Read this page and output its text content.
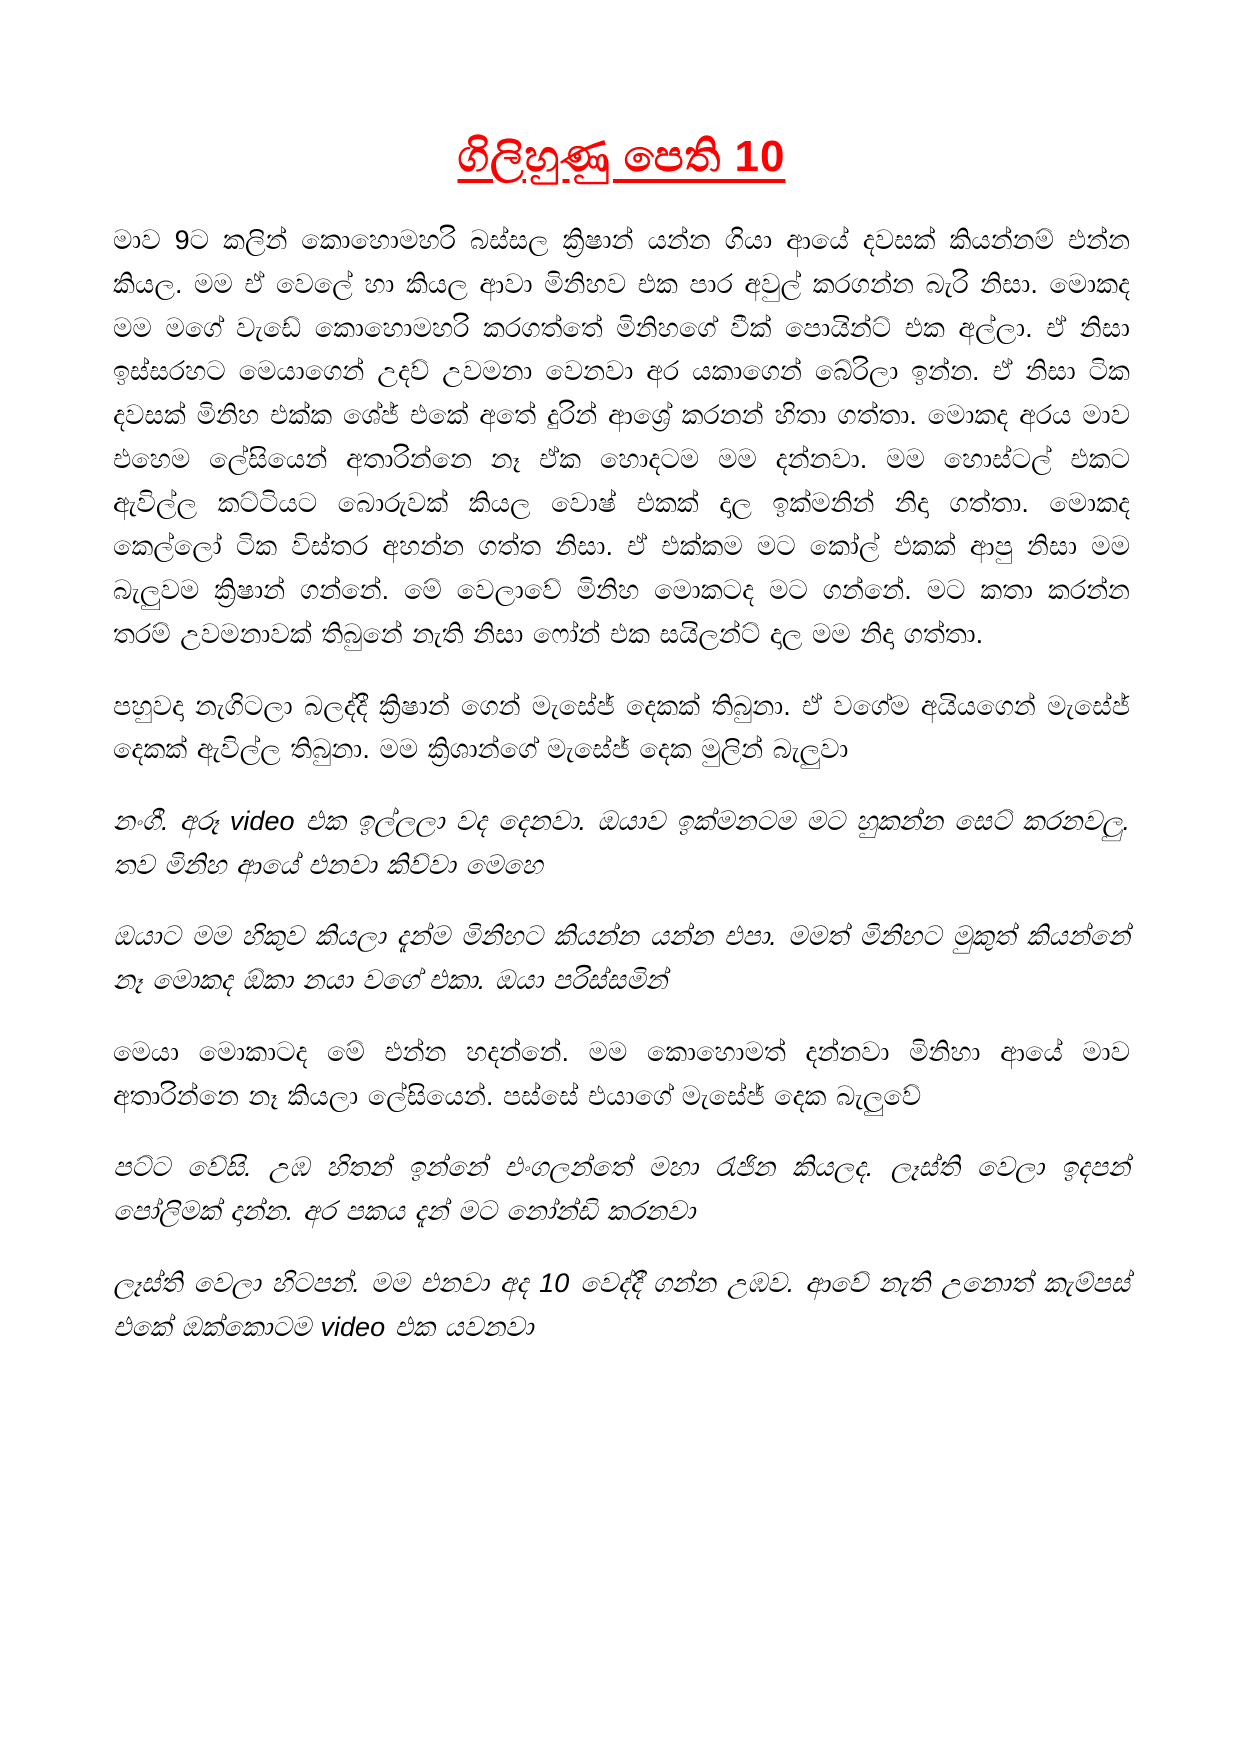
ගිලිහුණු පෙති 10

මාව 9ට කලින් කොහොමහරි බස්සල ක්‍රිෂාන් යන්න ගියා ආයේ දවසක් කියන්නම් එන්න කියල. මම ඒ වෙලේ හා කියල ආවා මිනිහව එක පාර අවුල් කරගන්න බැරි නිසා. මොකද මම මගේ වැඩේ කොහොමහරි කරගත්තේ මිනිහගේ වීක් පොයින්ට් එක අල්ලා. ඒ නිසා ඉස්සරහට මෙයාගෙන් උදව් උවමනා වෙනවා අර යකාගෙන් බේරිලා ඉන්න. ඒ නිසා ටික දවසක් මිනිහ එක්ක ශේජ් එකේ අතේ දුරින් ආශ්‍රේ කරනන් හිතා ගත්තා. මොකද අරය මාව එහෙම ලේසියෙන් අතාරින්නෙ නෑ ඒක හොදටම මම දන්නවා. මම හොස්ටල් එකට ඇවිල්ල කට්ටියට බොරුවක් කියල වොෂ් එකක් දාල ඉක්මනින් නිදා ගත්තා. මොකද කෙල්ලෝ ටික විස්තර අහන්න ගත්ත නිසා. ඒ එක්කම මට කෝල් එකක් ආපු නිසා මම බැලුවම ක්‍රිෂාන් ගන්නේ. මේ වෙලාවේ මිනිහ මොකටද මට ගන්නේ. මට කතා කරන්න තරම් උවමනාවක් තිබුනේ නැති නිසා ෆෝන් එක සයිලන්ට් දාල මම නිදා ගත්තා.

පහුවදා නැගිටලා බලද්දී ක්‍රිෂාන් ගෙන් මැසේජ් දෙකක් තිබුනා. ඒ වගේම අයියගෙන් මැසේජ් දෙකක් ඇවිල්ල තිබුනා. මම ක්‍රිශාන්ගේ මැසේජ් දෙක මුලින් බැලුවා

නංගී. අරූ video එක ඉල්ලලා වද දෙනවා. ඔයාව ඉක්මනටම මට හුකන්න සෙට් කරනවලු. තව මිනිහ ආයේ එනවා කිව්වා මෙහෙ

ඔයාට මම හිකුව කියලා දැන්ම මිනිහට කියන්න යන්න එපා. මමත් මිනිහට මුකුත් කියන්නේ නෑ මොකද ඕකා නයා වගේ එකා. ඔයා පරිස්සමින්

මෙයා මොකාටද මේ එන්න හදන්නේ. මම කොහොමත් දන්නවා මිනිහා ආයේ මාව අතාරින්නෙ නෑ කියලා ලේසියෙන්. පස්සේ එයාගේ මැසේජ් දෙක බැලුවේ

පට්ට වේසි. උඹ හිතන් ඉන්නේ එංගලන්තේ මහා රැජින කියලද. ලෑස්ති වෙලා ඉදපන් පෝලිමක් දාන්න. අර පකය දැන් මට නෝන්ඩි කරනවා

ලෑස්ති වෙලා හිටපන්. මම එනවා අද 10 වෙද්දී ගන්න උඹව. ආවේ නැති උනොත් කැම්පස් එකේ ඔක්කොටම video එක යවනවා
